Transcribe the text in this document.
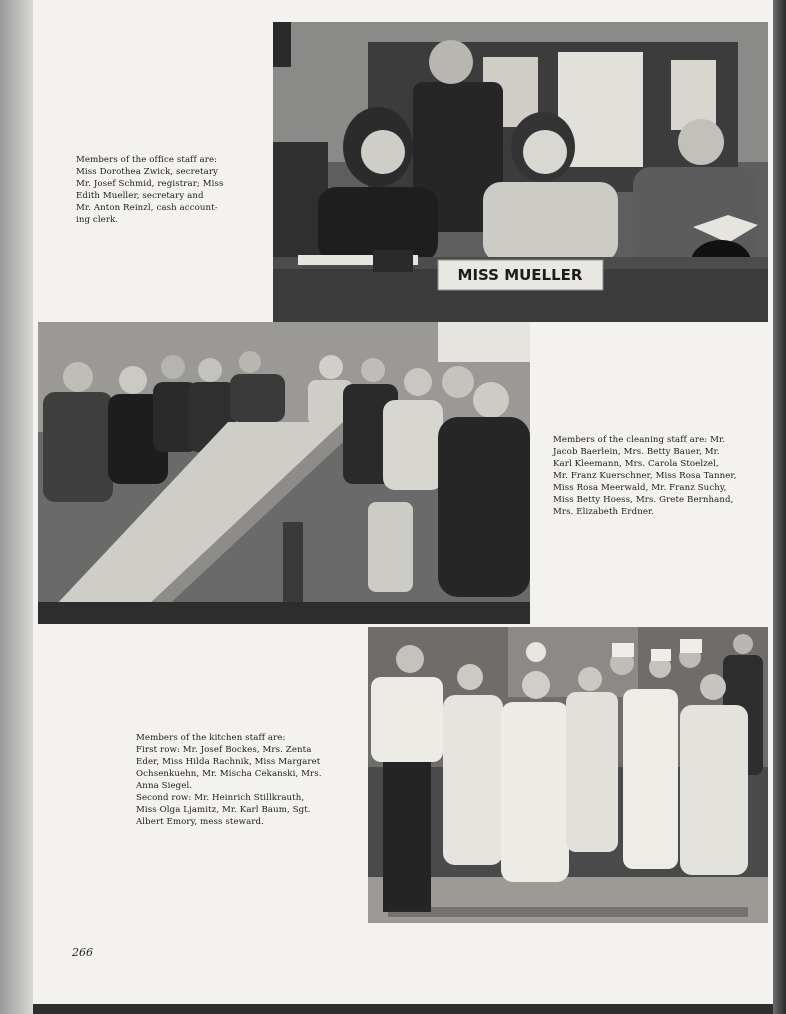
MISS MUELLER
Members of the office staff are:
Miss Dorothea Zwick, secretary
Mr. Josef Schmid, registrar; Miss
Edith Mueller, secretary and
Mr. Anton Reinzl, cash account-
ing clerk.
Members of the cleaning staff are: Mr.
Jacob Baerlein, Mrs. Betty Bauer, Mr.
Karl Kleemann, Mrs. Carola Stoelzel,
Mr. Franz Kuerschner, Miss Rosa Tanner,
Miss Rosa Meerwald, Mr. Franz Suchy,
Miss Betty Hoess, Mrs. Grete Bernhand,
Mrs. Elizabeth Erdner.
Members of the kitchen staff are:
First row: Mr. Josef Bockes, Mrs. Zenta
Eder, Miss Hilda Rachnik, Miss Margaret
Ochsenkuehn, Mr. Mischa Cekanski, Mrs.
Anna Siegel.
Second row: Mr. Heinrich Stillkrauth,
Miss Olga Ljamitz, Mr. Karl Baum, Sgt.
Albert Emory, mess steward.
266
